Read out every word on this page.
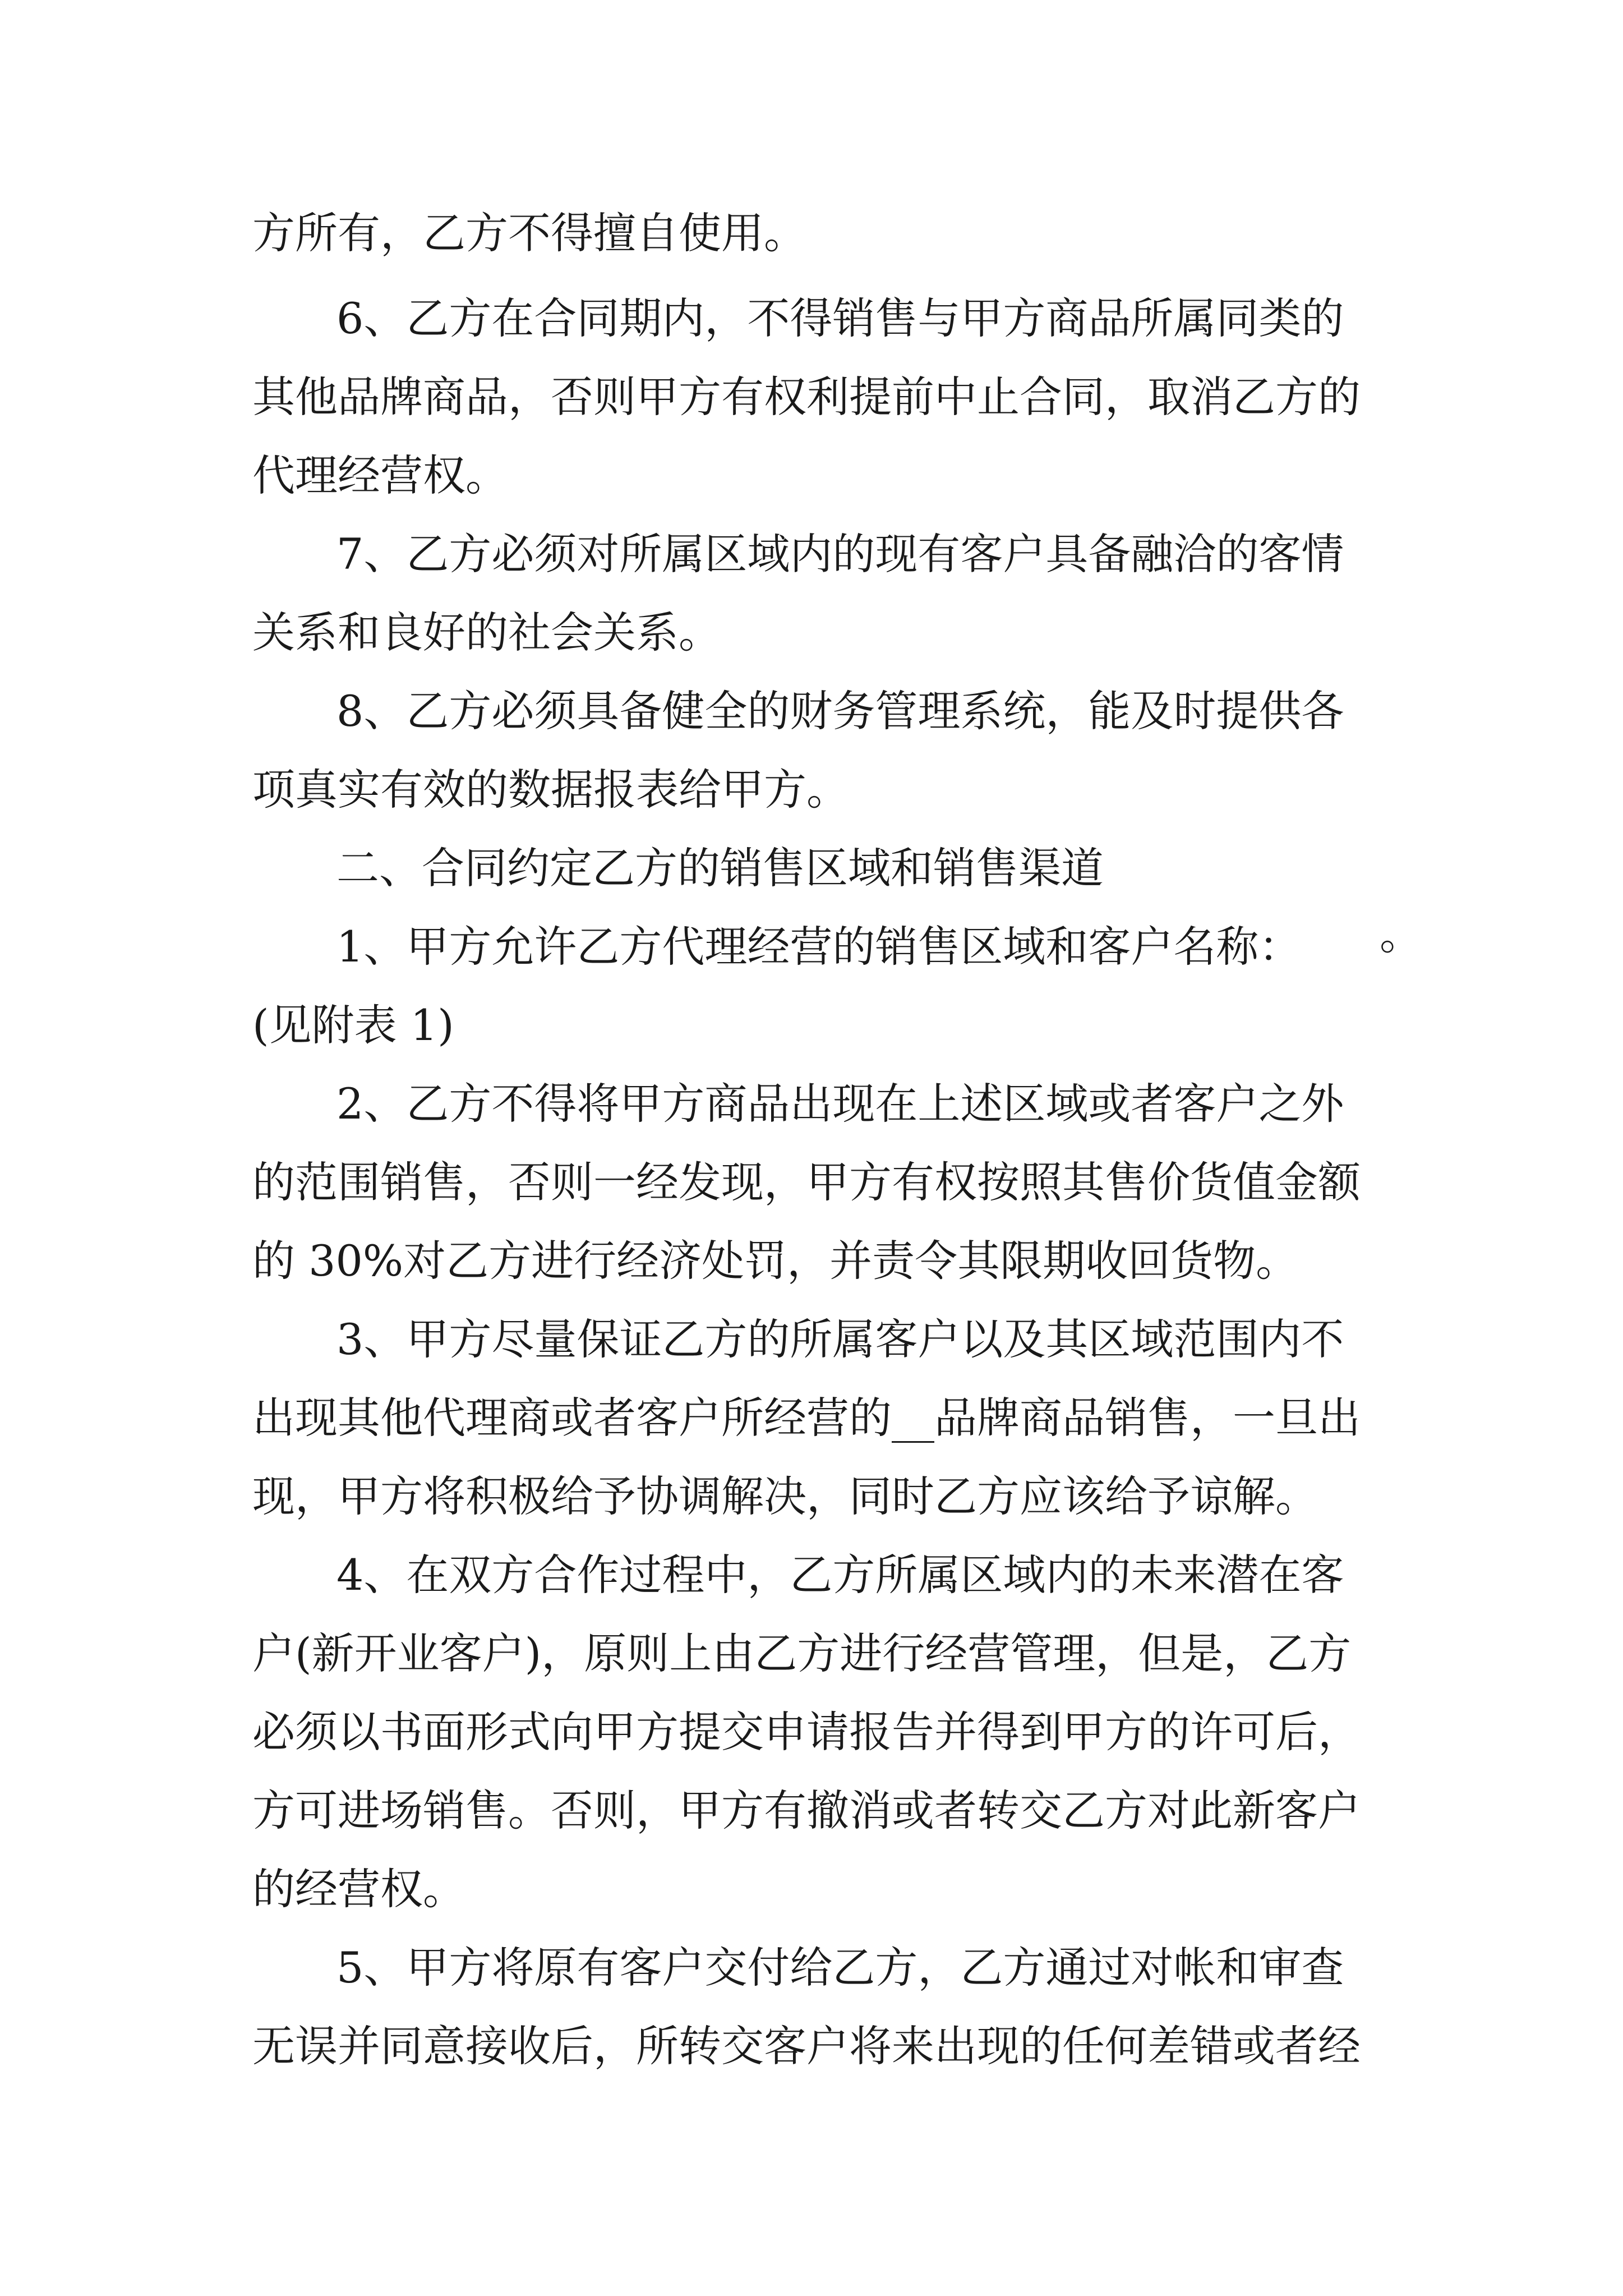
方所有，乙方不得擅自使用。
6、乙方在合同期内，不得销售与甲方商品所属同类的
其他品牌商品，否则甲方有权利提前中止合同，取消乙方的
代理经营权。
7、乙方必须对所属区域内的现有客户具备融洽的客情
关系和良好的社会关系。
8、乙方必须具备健全的财务管理系统，能及时提供各
项真实有效的数据报表给甲方。
二、合同约定乙方的销售区域和销售渠道
1、甲方允许乙方代理经营的销售区域和客户名称： 。
(见附表 1)
2、乙方不得将甲方商品出现在上述区域或者客户之外
的范围销售，否则一经发现，甲方有权按照其售价货值金额
的 30%对乙方进行经济处罚，并责令其限期收回货物。
3、甲方尽量保证乙方的所属客户以及其区域范围内不
出现其他代理商或者客户所经营的__品牌商品销售，一旦出
现，甲方将积极给予协调解决，同时乙方应该给予谅解。
4、在双方合作过程中，乙方所属区域内的未来潜在客
户(新开业客户)，原则上由乙方进行经营管理，但是，乙方
必须以书面形式向甲方提交申请报告并得到甲方的许可后，
方可进场销售。否则，甲方有撤消或者转交乙方对此新客户
的经营权。
5、甲方将原有客户交付给乙方，乙方通过对帐和审查
无误并同意接收后，所转交客户将来出现的任何差错或者经
